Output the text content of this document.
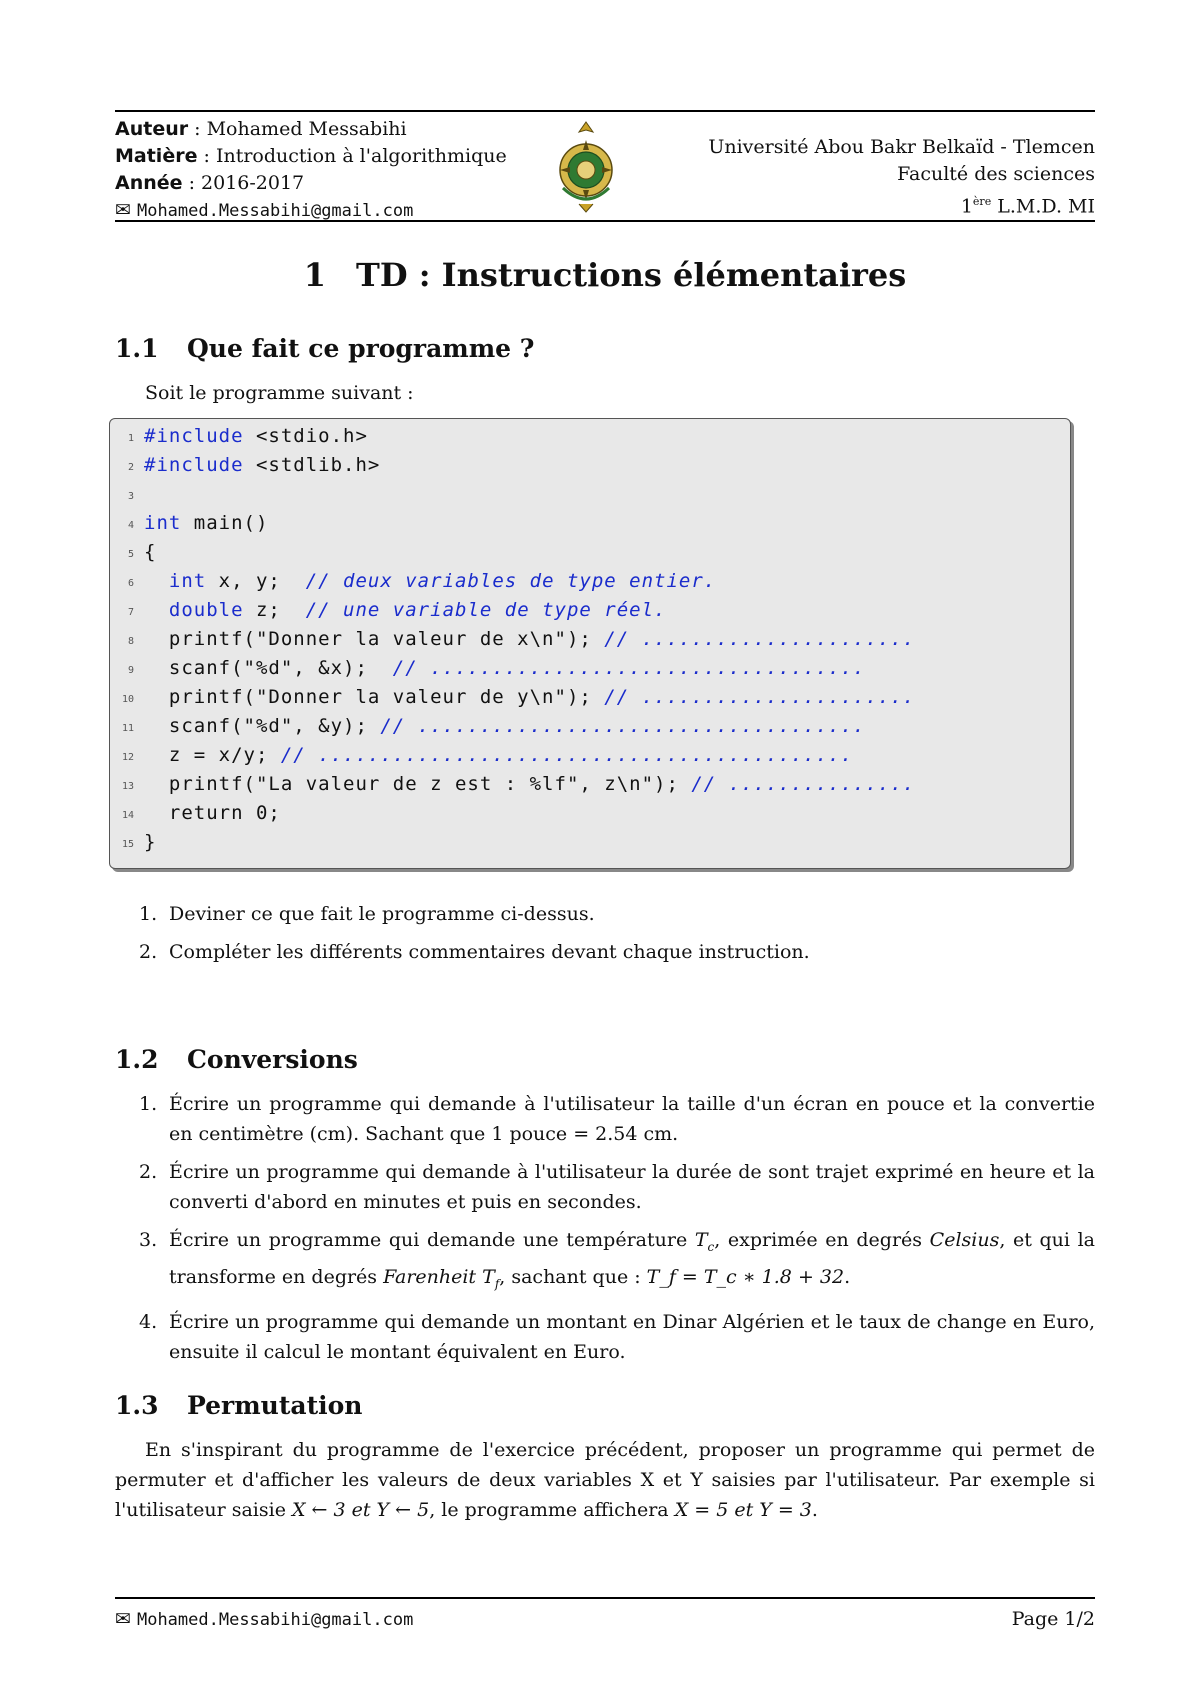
Auteur : Mohamed Messabihi
Matière : Introduction à l'algorithmique
Année : 2016-2017
✉ Mohamed.Messabihi@gmail.com
Université Abou Bakr Belkaïd - Tlemcen
Faculté des sciences
1ère L.M.D. MI
1 TD : Instructions élémentaires
1.1 Que fait ce programme ?

Soit le programme suivant :

1 #include <stdio.h>
2 #include <stdlib.h>
3
4 int main()
5 {
6	int x, y;  // deux variables de type entier.
7	double z;  // une variable de type réel.
8	printf("Donner la valeur de x\n"); // ......................
9	scanf("%d", &x);  // ...................................
10	printf("Donner la valeur de y\n"); // ......................
11	scanf("%d", &y); // ....................................
12	z = x/y; // ...........................................
13	printf("La valeur de z est : %lf", z\n"); // ...............
14	return 0;
15 }
1. Deviner ce que fait le programme ci-dessus.
2. Compléter les différents commentaires devant chaque instruction.
1.2 Conversions
1. Écrire un programme qui demande à l'utilisateur la taille d'un écran en pouce et la convertie en centimètre (cm). Sachant que 1 pouce = 2.54 cm.
2. Écrire un programme qui demande à l'utilisateur la durée de sont trajet exprimé en heure et la converti d'abord en minutes et puis en secondes.
3. Écrire un programme qui demande une température $T_c$, exprimée en degrés Celsius, et qui la transforme en degrés Farenheit $T_f$, sachant que : T_f = T_c ∗ 1.8 + 32.
4. Écrire un programme qui demande un montant en Dinar Algérien et le taux de change en Euro, ensuite il calcul le montant équivalent en Euro.
1.3 Permutation

En s'inspirant du programme de l'exercice précédent, proposer un programme qui permet de permuter et d'afficher les valeurs de deux variables X et Y saisies par l'utilisateur. Par exemple si l'utilisateur saisie X ← 3 et Y ← 5, le programme affichera X = 5 et Y = 3.

✉ Mohamed.Messabihi@gmail.com	Page 1/2
